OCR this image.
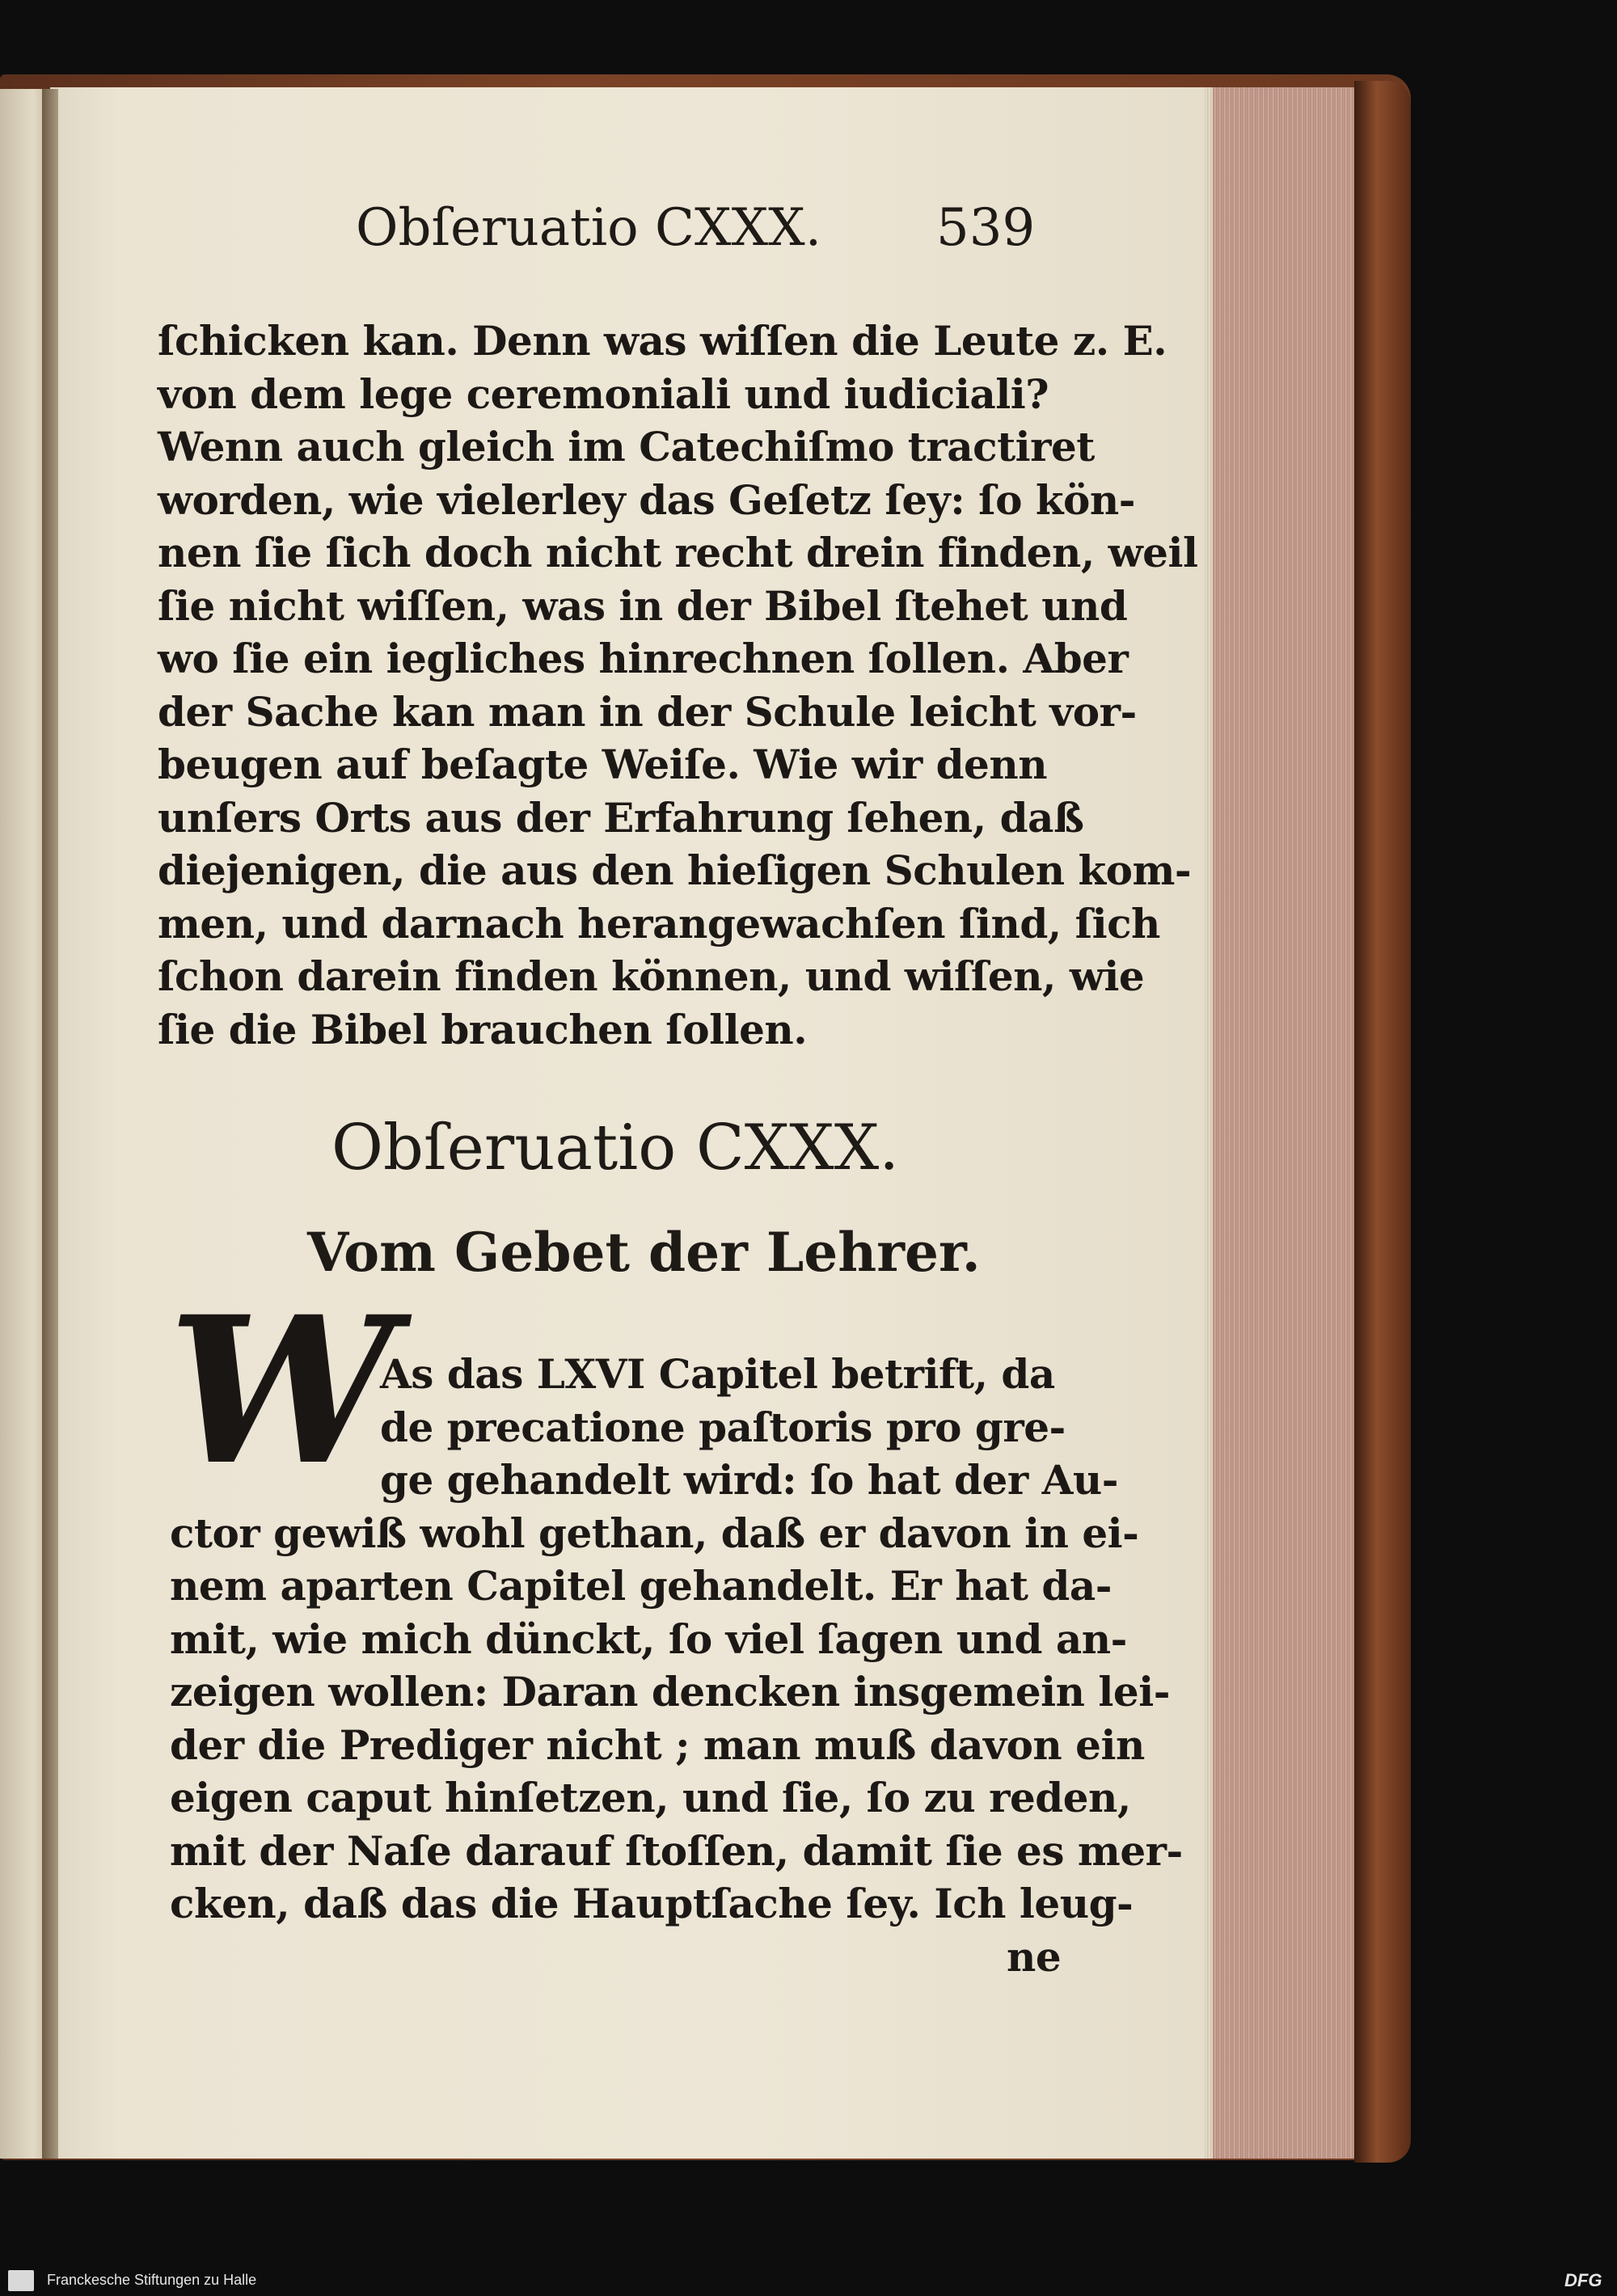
Obſeruatio CXXX. 539
ſchicken kan. Denn was wiſſen die Leute z. E.
von dem lege ceremoniali und iudiciali?
Wenn auch gleich im Catechiſmo tractiret
worden, wie vielerley das Geſetz ſey: ſo kön-
nen ſie ſich doch nicht recht drein finden, weil
ſie nicht wiſſen, was in der Bibel ſtehet und
wo ſie ein iegliches hinrechnen ſollen. Aber
der Sache kan man in der Schule leicht vor-
beugen auf beſagte Weiſe. Wie wir denn
unſers Orts aus der Erfahrung ſehen, daß
diejenigen, die aus den hieſigen Schulen kom-
men, und darnach herangewachſen ſind, ſich
ſchon darein finden können, und wiſſen, wie
ſie die Bibel brauchen ſollen.
Obſeruatio CXXX.
Vom Gebet der Lehrer.
W
As das LXVI Capitel betrift, da
de precatione paſtoris pro gre-
ge gehandelt wird: ſo hat der Au-
ctor gewiß wohl gethan, daß er davon in ei-
nem aparten Capitel gehandelt. Er hat da-
mit, wie mich dünckt, ſo viel ſagen und an-
zeigen wollen: Daran dencken insgemein lei-
der die Prediger nicht ; man muß davon ein
eigen caput hinſetzen, und ſie, ſo zu reden,
mit der Naſe darauf ſtoſſen, damit ſie es mer-
cken, daß das die Hauptſache ſey. Ich leug-
ne
Franckesche Stiftungen zu Halle	DFG
